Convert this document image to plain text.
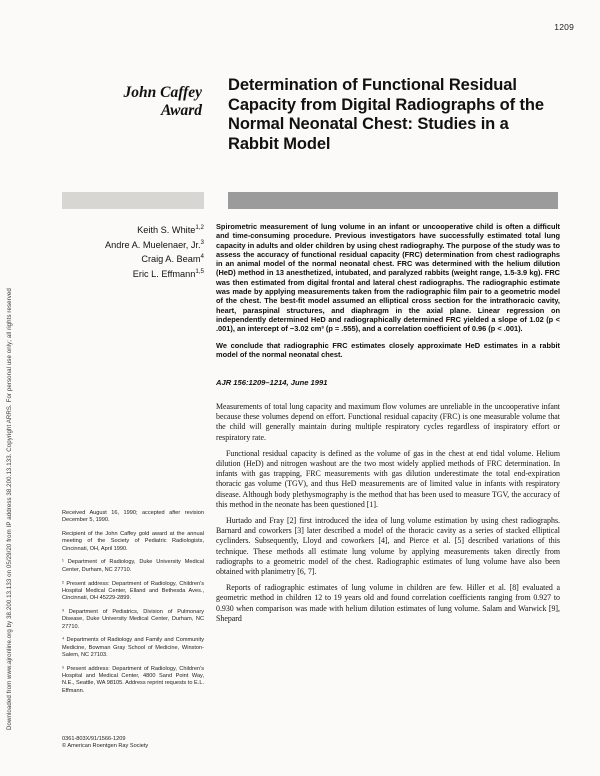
Downloaded from www.ajronline.org by 38.200.13.133 on 05/29/20 from IP address 38.200.13.133. Copyright ARRS. For personal use only; all rights reserved
1209
John Caffey
Award
Determination of Functional Residual Capacity from Digital Radiographs of the Normal Neonatal Chest: Studies in a Rabbit Model
Keith S. White$^{1,2}$
Andre A. Muelenaer, Jr.$^3$
Craig A. Beam$^4$
Eric L. Effmann$^{1,5}$

Spirometric measurement of lung volume in an infant or uncooperative child is often a difficult and time-consuming procedure. Previous investigators have successfully estimated total lung capacity in adults and older children by using chest radiography. The purpose of the study was to assess the accuracy of functional residual capacity (FRC) determination from chest radiographs in an animal model of the normal neonatal chest. FRC was determined with the helium dilution (HeD) method in 13 anesthetized, intubated, and paralyzed rabbits (weight range, 1.5-3.9 kg). FRC was then estimated from digital frontal and lateral chest radiographs. The radiographic estimate was made by applying measurements taken from the radiographic film pair to a geometric model of the chest. The best-fit model assumed an elliptical cross section for the intrathoracic cavity, heart, paraspinal structures, and diaphragm in the axial plane. Linear regression on independently determined HeD and radiographically determined FRC yielded a slope of 1.02 (p < .001), an intercept of −3.02 cm³ (p = .555), and a correlation coefficient of 0.96 (p < .001).

We conclude that radiographic FRC estimates closely approximate HeD estimates in a rabbit model of the normal neonatal chest.

AJR 156:1209–1214, June 1991

Measurements of total lung capacity and maximum flow volumes are unreliable in the uncooperative infant because these volumes depend on effort. Functional residual capacity (FRC) is one measurable volume that the child will generally maintain during multiple respiratory cycles regardless of inspiratory effort or respiratory rate.

Functional residual capacity is defined as the volume of gas in the chest at end tidal volume. Helium dilution (HeD) and nitrogen washout are the two most widely applied methods of FRC determination. In infants with gas trapping, FRC measurements with gas dilution underestimate the total end-expiration thoracic gas volume (TGV), and thus HeD measurements are of limited value in infants with respiratory disease. Although body plethysmography is the method that has been used to measure TGV, the accuracy of this method in the neonate has been questioned [1].

Hurtado and Fray [2] first introduced the idea of lung volume estimation by using chest radiographs. Barnard and coworkers [3] later described a model of the thoracic cavity as a series of stacked elliptical cyclinders. Subsequently, Lloyd and coworkers [4], and Pierce et al. [5] described variations of this technique. These methods all estimate lung volume by applying measurements taken directly from radiographs to a geometric model of the chest. Radiographic estimates of lung volume have also been obtained with planimetry [6, 7].

Reports of radiographic estimates of lung volume in children are few. Hiller et al. [8] evaluated a geometric method in children 12 to 19 years old and found correlation coefficients ranging from 0.927 to 0.930 when comparison was made with helium dilution estimates of lung volume. Salam and Warwick [9], Shepard

Received August 16, 1990; accepted after revision December 5, 1990.

Recipient of the John Caffey gold award at the annual meeting of the Society of Pediatric Radiologists, Cincinnati, OH, April 1990.

¹ Department of Radiology, Duke University Medical Center, Durham, NC 27710.

² Present address: Department of Radiology, Children's Hospital Medical Center, Elland and Bethesda Aves., Cincinnati, OH 45229-2899.

³ Department of Pediatrics, Division of Pulmonary Disease, Duke University Medical Center, Durham, NC 27710.

⁴ Departments of Radiology and Family and Community Medicine, Bowman Gray School of Medicine, Winston-Salem, NC 27103.

⁵ Present address: Department of Radiology, Children's Hospital and Medical Center, 4800 Sand Point Way, N.E., Seattle, WA 98105. Address reprint requests to E.L. Effmann.

0361-803X/91/1566-1209
© American Roentgen Ray Society
